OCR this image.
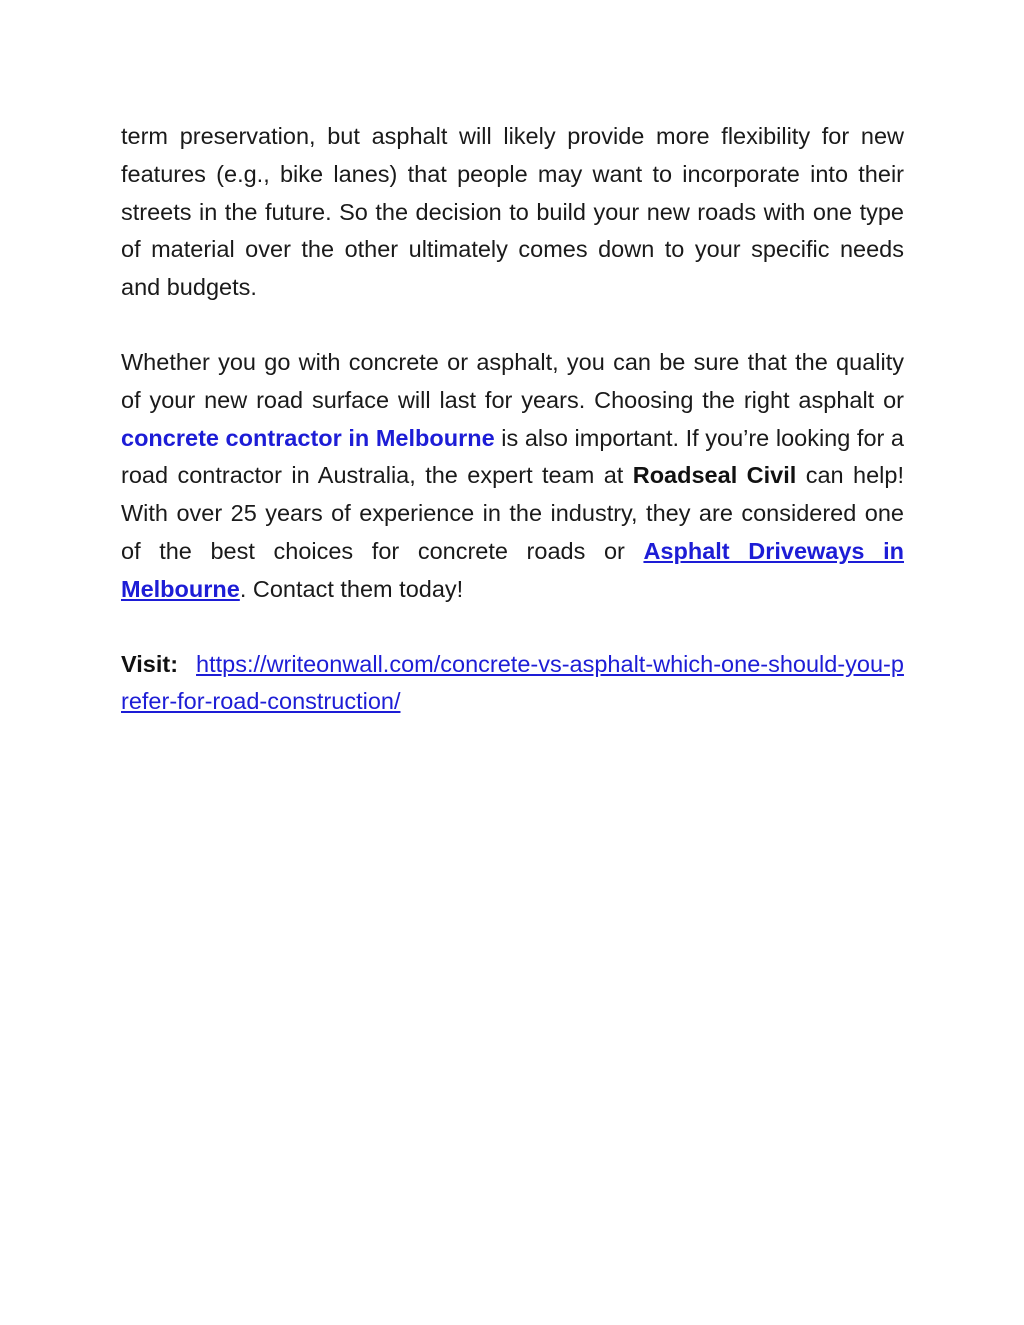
term preservation, but asphalt will likely provide more flexibility for new features (e.g., bike lanes) that people may want to incorporate into their streets in the future. So the decision to build your new roads with one type of material over the other ultimately comes down to your specific needs and budgets.

Whether you go with concrete or asphalt, you can be sure that the quality of your new road surface will last for years. Choosing the right asphalt or concrete contractor in Melbourne is also important. If you’re looking for a road contractor in Australia, the expert team at Roadseal Civil can help! With over 25 years of experience in the industry, they are considered one of the best choices for concrete roads or Asphalt Driveways in Melbourne. Contact them today!

Visit: https://writeonwall.com/concrete-vs-asphalt-which-one-should-you-prefer-for-road-construction/
